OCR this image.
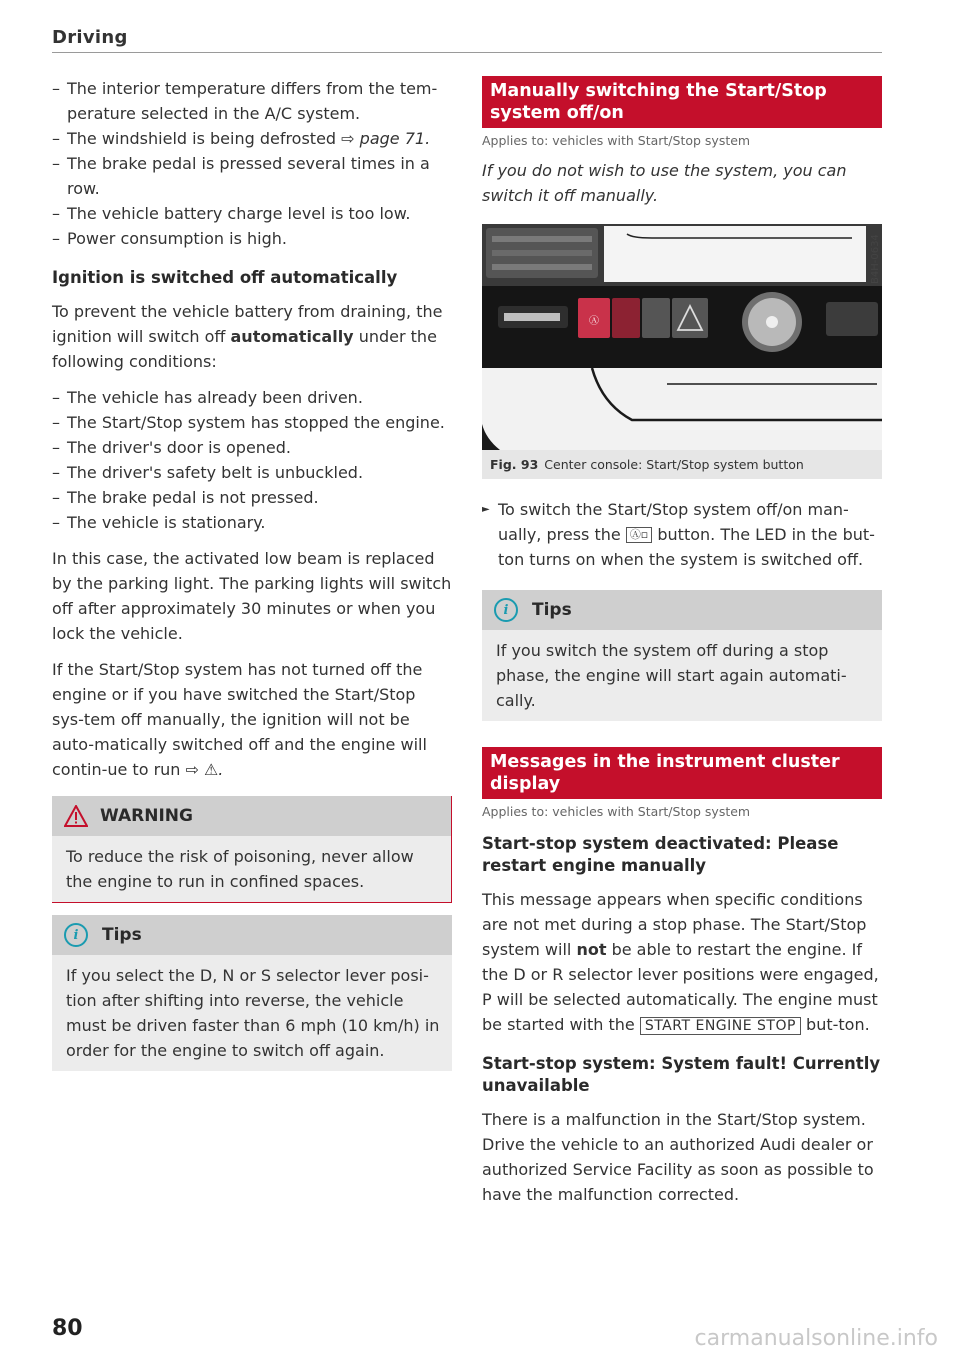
Driving
– The interior temperature differs from the tem-perature selected in the A/C system.
– The windshield is being defrosted ⇨ page 71.
– The brake pedal is pressed several times in a row.
– The vehicle battery charge level is too low.
– Power consumption is high.
Ignition is switched off automatically

To prevent the vehicle battery from draining, the ignition will switch off automatically under the following conditions:

– The vehicle has already been driven.
– The Start/Stop system has stopped the engine.
– The driver's door is opened.
– The driver's safety belt is unbuckled.
– The brake pedal is not pressed.
– The vehicle is stationary.

In this case, the activated low beam is replaced by the parking light. The parking lights will switch off after approximately 30 minutes or when you lock the vehicle.

If the Start/Stop system has not turned off the engine or if you have switched the Start/Stop sys-tem off manually, the ignition will not be auto-matically switched off and the engine will contin-ue to run ⇨ ⚠.

WARNING
To reduce the risk of poisoning, never allow the engine to run in confined spaces.
i	Tips
If you select the D, N or S selector lever posi-tion after shifting into reverse, the vehicle must be driven faster than 6 mph (10 km/h) in order for the engine to switch off again.
Manually switching the Start/Stop system off/on
Applies to: vehicles with Start/Stop system

If you do not wish to use the system, you can switch it off manually.

Ⓐ
B4H-0634
Fig. 93 Center console: Start/Stop system button
► To switch the Start/Stop system off/on man-ually, press the Ⓐ▫ button. The LED in the but-ton turns on when the system is switched off.
i	Tips
If you switch the system off during a stop phase, the engine will start again automati-cally.
Messages in the instrument cluster display
Applies to: vehicles with Start/Stop system
Start-stop system deactivated: Please restart engine manually

This message appears when specific conditions are not met during a stop phase. The Start/Stop system will not be able to restart the engine. If the D or R selector lever positions were engaged, P will be selected automatically. The engine must be started with the START ENGINE STOP but-ton.

Start-stop system: System fault! Currently unavailable

There is a malfunction in the Start/Stop system. Drive the vehicle to an authorized Audi dealer or authorized Service Facility as soon as possible to have the malfunction corrected.

80	carmanualsonline.info
